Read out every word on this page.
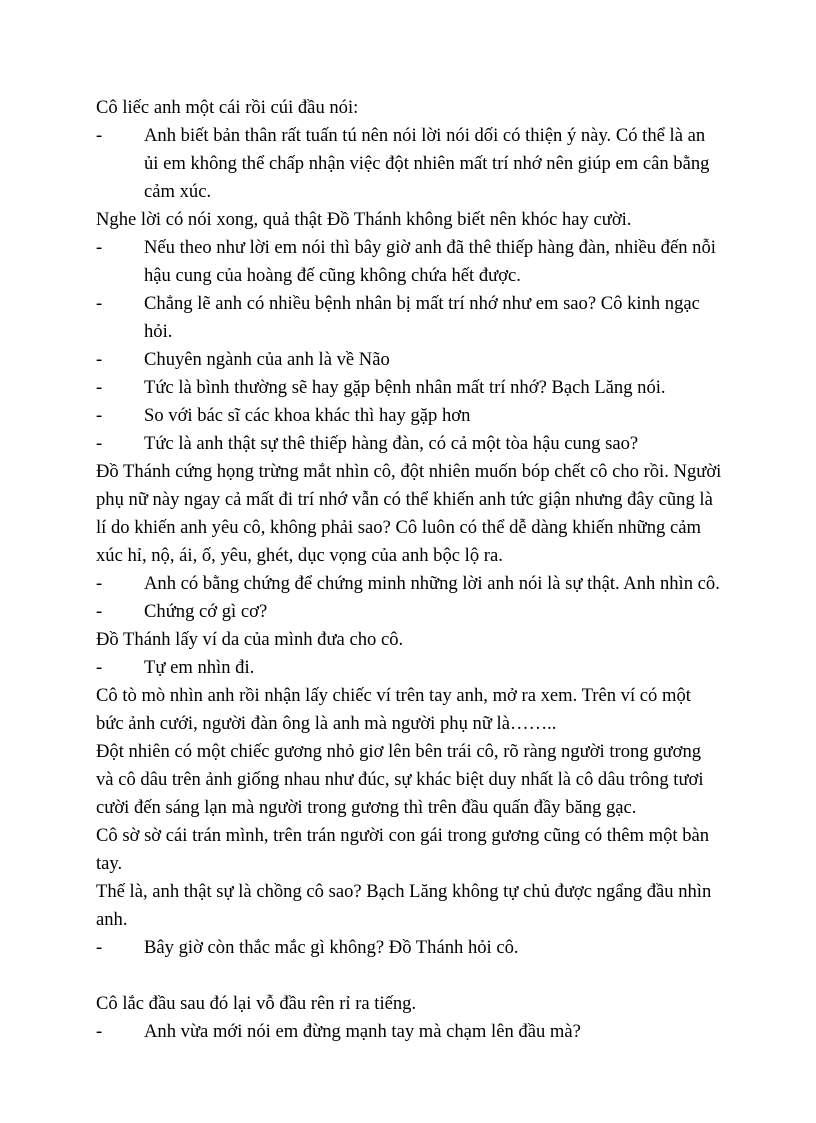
Cô liếc anh một cái rồi cúi đầu nói:

- Anh biết bản thân rất tuấn tú nên nói lời nói dối có thiện ý này. Có thể là an ủi em không thể chấp nhận việc đột nhiên mất trí nhớ nên giúp em cân bằng cảm xúc.

Nghe lời có nói xong, quả thật Đồ Thánh không biết nên khóc hay cười.

- Nếu theo như lời em nói thì bây giờ anh đã thê thiếp hàng đàn, nhiều đến nỗi hậu cung của hoàng đế cũng không chứa hết được.
- Chẳng lẽ anh có nhiều bệnh nhân bị mất trí nhớ như em sao? Cô kinh ngạc hỏi.
- Chuyên ngành của anh là về Não
- Tức là bình thường sẽ hay gặp bệnh nhân mất trí nhớ? Bạch Lăng nói.
- So với bác sĩ các khoa khác thì hay gặp hơn
- Tức là anh thật sự thê thiếp hàng đàn, có cả một tòa hậu cung sao?

Đồ Thánh cứng họng trừng mắt nhìn cô, đột nhiên muốn bóp chết cô cho rồi. Người phụ nữ này ngay cả mất đi trí nhớ vẫn có thể khiến anh tức giận nhưng đây cũng là lí do khiến anh yêu cô, không phải sao? Cô luôn có thể dễ dàng khiến những cảm xúc hỉ, nộ, ái, ố, yêu, ghét, dục vọng của anh bộc lộ ra.

- Anh có bằng chứng để chứng minh những lời anh nói là sự thật. Anh nhìn cô.
- Chứng cớ gì cơ?

Đồ Thánh lấy ví da của mình đưa cho cô.

- Tự em nhìn đi.

Cô tò mò nhìn anh rồi nhận lấy chiếc ví trên tay anh, mở ra xem. Trên ví có một bức ảnh cưới, người đàn ông là anh mà người phụ nữ là……..

Đột nhiên có một chiếc gương nhỏ giơ lên bên trái cô, rõ ràng người trong gương và cô dâu trên ảnh giống nhau như đúc, sự khác biệt duy nhất là cô dâu trông tươi cười đến sáng lạn mà người trong gương thì trên đầu quấn đầy băng gạc.

Cô sờ sờ cái trán mình, trên trán người con gái trong gương cũng có thêm một bàn tay.

Thế là, anh thật sự là chồng cô sao? Bạch Lăng không tự chủ được ngẩng đầu nhìn anh.

- Bây giờ còn thắc mắc gì không? Đồ Thánh hỏi cô.

Cô lắc đầu sau đó lại vỗ đầu rên rỉ ra tiếng.

- Anh vừa mới nói em đừng mạnh tay mà chạm lên đầu mà?
